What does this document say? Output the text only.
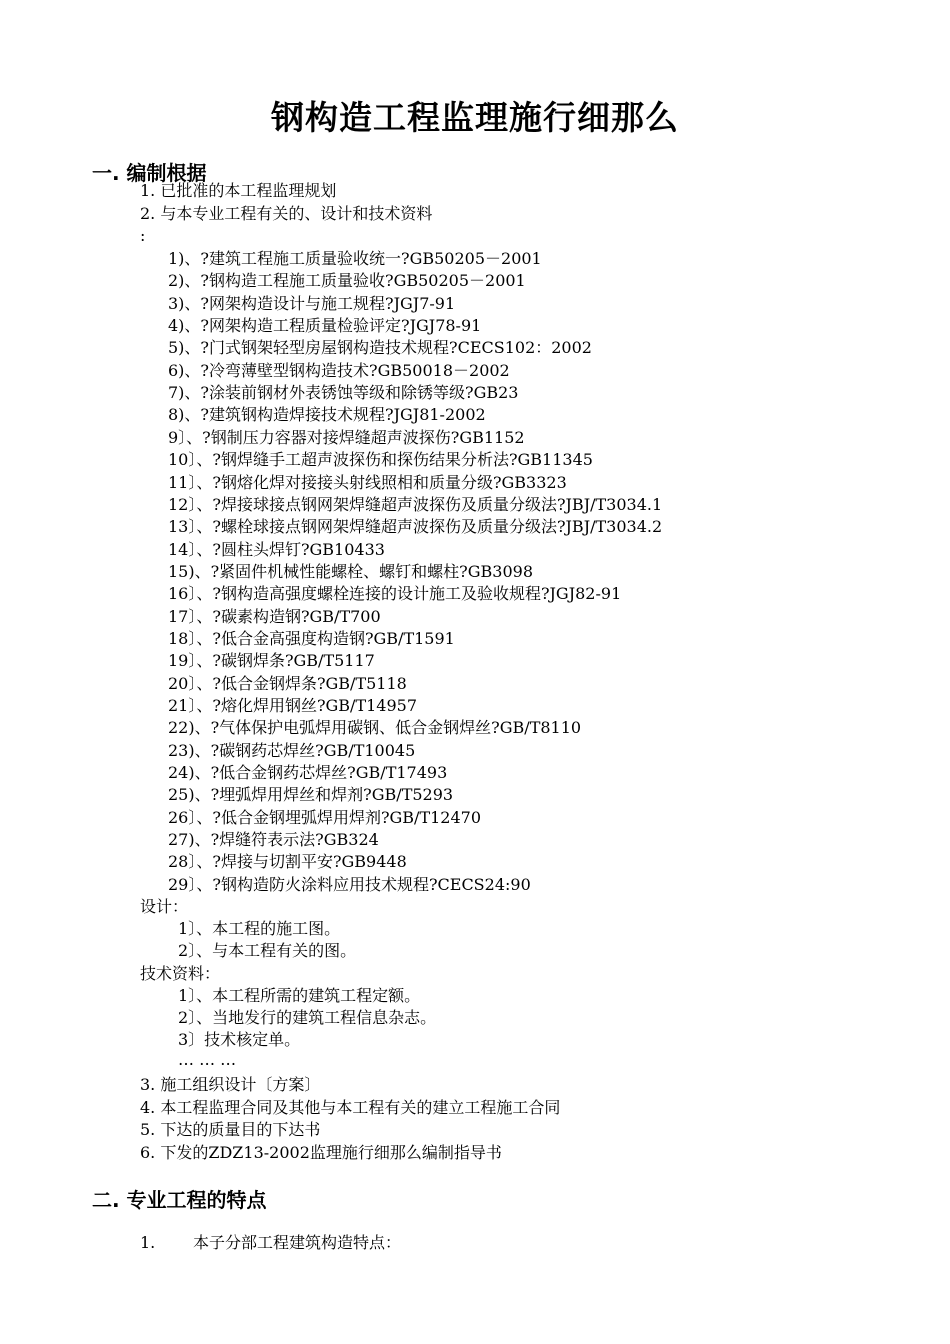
钢构造工程监理施行细那么
一. 编制根据
1. 已批准的本工程监理规划
2. 与本专业工程有关的、设计和技术资料
:
1)、?建筑工程施工质量验收统一?GB50205－2001
2)、?钢构造工程施工质量验收?GB50205－2001
3)、?网架构造设计与施工规程?JGJ7-91
4)、?网架构造工程质量检验评定?JGJ78-91
5)、?门式钢架轻型房屋钢构造技术规程?CECS102：2002
6)、?冷弯薄壁型钢构造技术?GB50018－2002
7)、?涂装前钢材外表锈蚀等级和除锈等级?GB23
8)、?建筑钢构造焊接技术规程?JGJ81-2002
9〕、?钢制压力容器对接焊缝超声波探伤?GB1152
10〕、?钢焊缝手工超声波探伤和探伤结果分析法?GB11345
11〕、?钢熔化焊对接接头射线照相和质量分级?GB3323
12〕、?焊接球接点钢网架焊缝超声波探伤及质量分级法?JBJ/T3034.1
13〕、?螺栓球接点钢网架焊缝超声波探伤及质量分级法?JBJ/T3034.2
14〕、?圆柱头焊钉?GB10433
15)、?紧固件机械性能螺栓、螺钉和螺柱?GB3098
16〕、?钢构造高强度螺栓连接的设计施工及验收规程?JGJ82-91
17〕、?碳素构造钢?GB/T700
18〕、?低合金高强度构造钢?GB/T1591
19〕、?碳钢焊条?GB/T5117
20〕、?低合金钢焊条?GB/T5118
21〕、?熔化焊用钢丝?GB/T14957
22)、?气体保护电弧焊用碳钢、低合金钢焊丝?GB/T8110
23)、?碳钢药芯焊丝?GB/T10045
24)、?低合金钢药芯焊丝?GB/T17493
25)、?埋弧焊用焊丝和焊剂?GB/T5293
26〕、?低合金钢埋弧焊用焊剂?GB/T12470
27)、?焊缝符表示法?GB324
28〕、?焊接与切割平安?GB9448
29〕、?钢构造防火涂料应用技术规程?CECS24:90
设计：
1〕、本工程的施工图。
2〕、与本工程有关的图。
技术资料：
1〕、本工程所需的建筑工程定额。
2〕、当地发行的建筑工程信息杂志。
3〕技术核定单。
… … …
3. 施工组织设计〔方案〕
4. 本工程监理合同及其他与本工程有关的建立工程施工合同
5. 下达的质量目的下达书
6. 下发的ZDZ13-2002监理施行细那么编制指导书
二. 专业工程的特点
1. 本子分部工程建筑构造特点：
